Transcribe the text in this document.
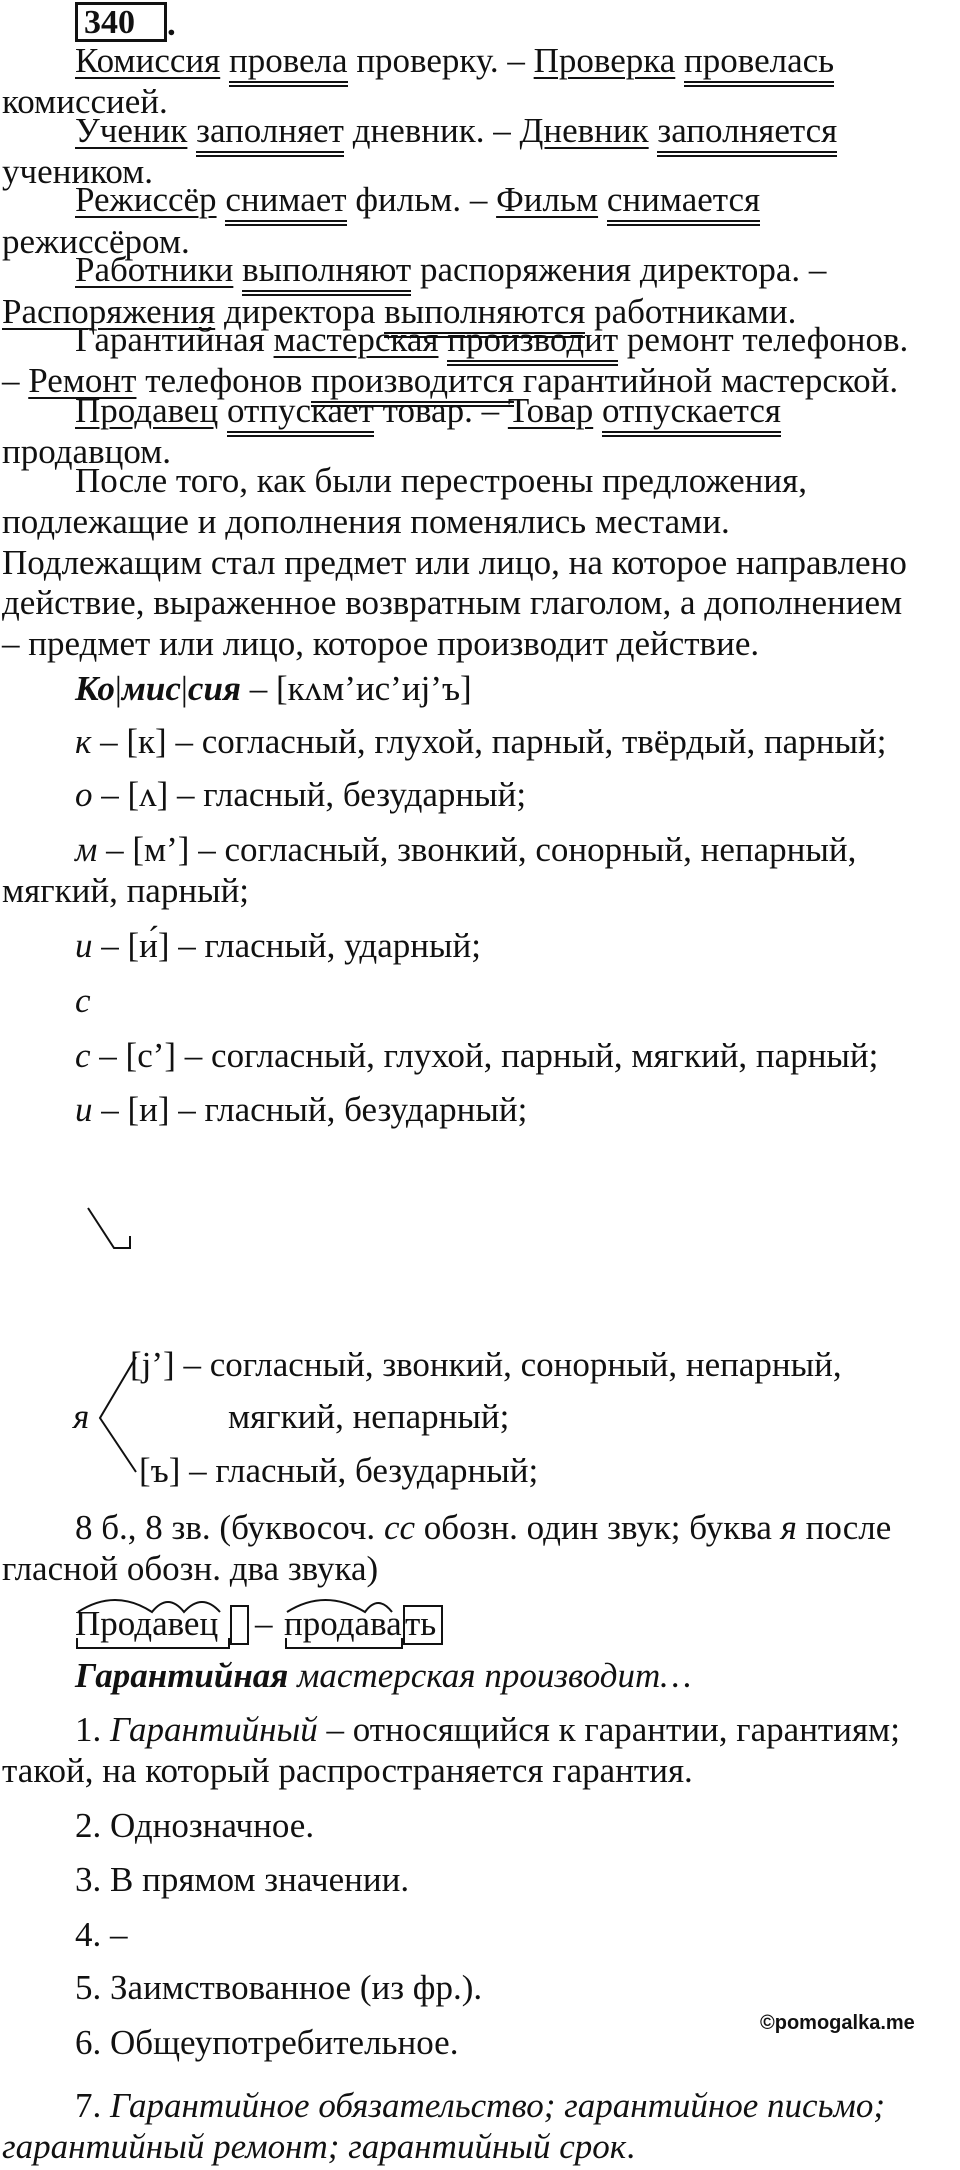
340 .
Комиссия провела проверку. – Проверка провелась
комиссией.
Ученик заполняет дневник. – Дневник заполняется
учеником.
Режиссёр снимает фильм. – Фильм снимается
режиссёром.
Работники выполняют распоряжения директора. –
Распоряжения директора выполняются работниками.
Гарантийная мастерская производит ремонт телефонов.
– Ремонт телефонов производится гарантийной мастерской.
Продавец отпускает товар. – Товар отпускается
продавцом.
После того, как были перестроены предложения,
подлежащие и дополнения поменялись местами.
Подлежащим стал предмет или лицо, на которое направлено
действие, выраженное возвратным глаголом, а дополнением
– предмет или лицо, которое производит действие.
Ко|мис|сия – [кʌм’ис’иj’ъ]
к – [к] – согласный, глухой, парный, твёрдый, парный;
о – [ʌ] – гласный, безударный;
м – [м’] – согласный, звонкий, сонорный, непарный,
мягкий, парный;
и – [и́] – гласный, ударный;
с
с – [с’] – согласный, глухой, парный, мягкий, парный;
и – [и] – гласный, безударный;
[j’] – согласный, звонкий, сонорный, непарный,
я	мягкий, непарный;
[ъ] – гласный, безударный;
8 б., 8 зв. (буквосоч. сс обозн. один звук; буква я после
гласной обозн. два звука)
Продавец – продава ть
Гарантийная мастерская производит…
1. Гарантийный – относящийся к гарантии, гарантиям;
такой, на который распространяется гарантия.
2. Однозначное.
3. В прямом значении.
4. –
5. Заимствованное (из фр.).
6. Общеупотребительное.
7. Гарантийное обязательство; гарантийное письмо;
гарантийный ремонт; гарантийный срок.
©pomogalka.me
